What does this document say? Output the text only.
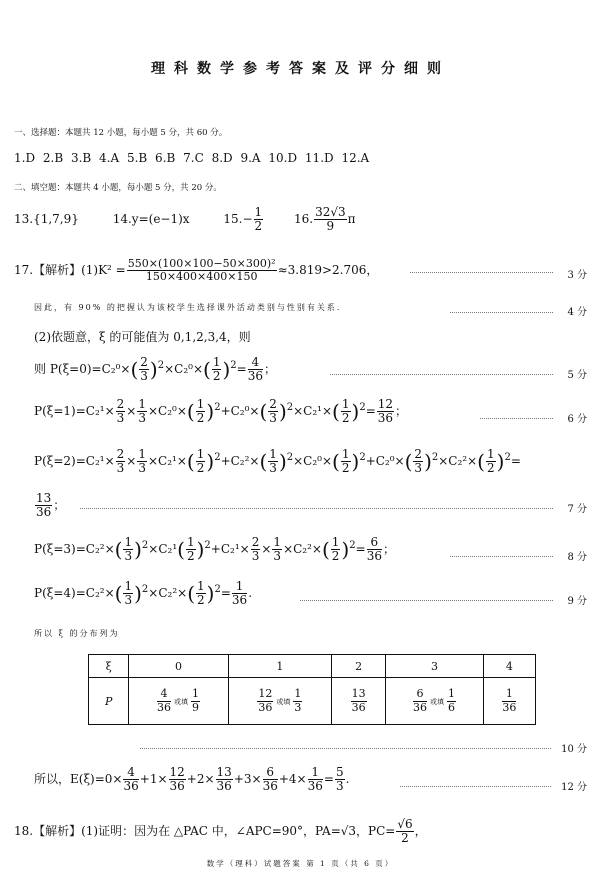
理科数学参考答案及评分细则
一、选择题：本题共 12 小题，每小题 5 分，共 60 分。
1.D 2.B 3.B 4.A 5.B 6.B 7.C 8.D 9.A 10.D 11.D 12.A
二、填空题：本题共 4 小题，每小题 5 分，共 20 分。
13.{1,7,9}	14.y=(e−1)x	$15.- \frac{1}{2}$	16. $\frac{32√3}{9}$ π
17.【解析】$(1)K^2 = \frac{\text{550×(100×100−50×300)²}}{150\times 400\times 400\times 150} \approx 3.819>2.706$，	3 分
因此，有 90% 的把握认为该校学生选择课外活动类别与性别有关系．	4 分
(2)依题意，ξ 的可能值为 0,1,2,3,4，则
则 $P(\xi=0)=C_2^0\times( \frac{2}{3} )^2\times C_2^0\times( \frac{1}{2} )^2= \frac{4}{36}$ ；	5 分
$P(\xi=1)=C_2^1\times \frac{2}{3} \times \frac{1}{3} \times C_2^0\times( \frac{1}{2} )^2+C_2^0\times( \frac{2}{3} )^2\times C_2^1\times( \frac{1}{2} )^2= \frac{12}{36}$ ；
6 分
$P(\xi=2)=C_2^1\times \frac{2}{3} \times \frac{1}{3} \times C_2^1\times( \frac{1}{2} )^2+C_2^2\times( \frac{1}{3} )^2\times C_2^0\times( \frac{1}{2} )^2+C_2^0\times( \frac{2}{3} )^2\times C_2^2\times( \frac{1}{2} )^2=$
$\frac{13}{36}$ ；	7 分
$P(\xi=3)=C_2^2\times( \frac{1}{3} )^2\times C_2^1( \frac{1}{2} )^2+C_2^1\times \frac{2}{3} \times \frac{1}{3} \times C_2^2\times( \frac{1}{2} )^2= \frac{6}{36}$ ；
8 分
$P(\xi=4)=C_2^2\times( \frac{1}{3} )^2\times C_2^2\times( \frac{1}{2} )^2= \frac{1}{36}$ .
9 分
所以 ξ 的分布列为
ξ	0	1	2	3	4
P	$\frac{4}{36}$ 或填 $\frac{1}{9}$	$\frac{12}{36}$ 或填 $\frac{1}{3}$	$\frac{13}{36}$	$\frac{6}{36}$ 或填 $\frac{1}{6}$	$\frac{1}{36}$
10 分
所以，$E(\xi)=0\times \frac{4}{36} +1\times \frac{12}{36} +2\times \frac{13}{36} +3\times \frac{6}{36} +4\times \frac{1}{36} = \frac{5}{3}$ .
12 分
18.【解析】(1)证明：因为在 △PAC 中，∠APC=90°，PA=√3，$PC= \frac{√6}{2}$ ，
数学（理科）试题答案 第 1 页（共 6 页）
